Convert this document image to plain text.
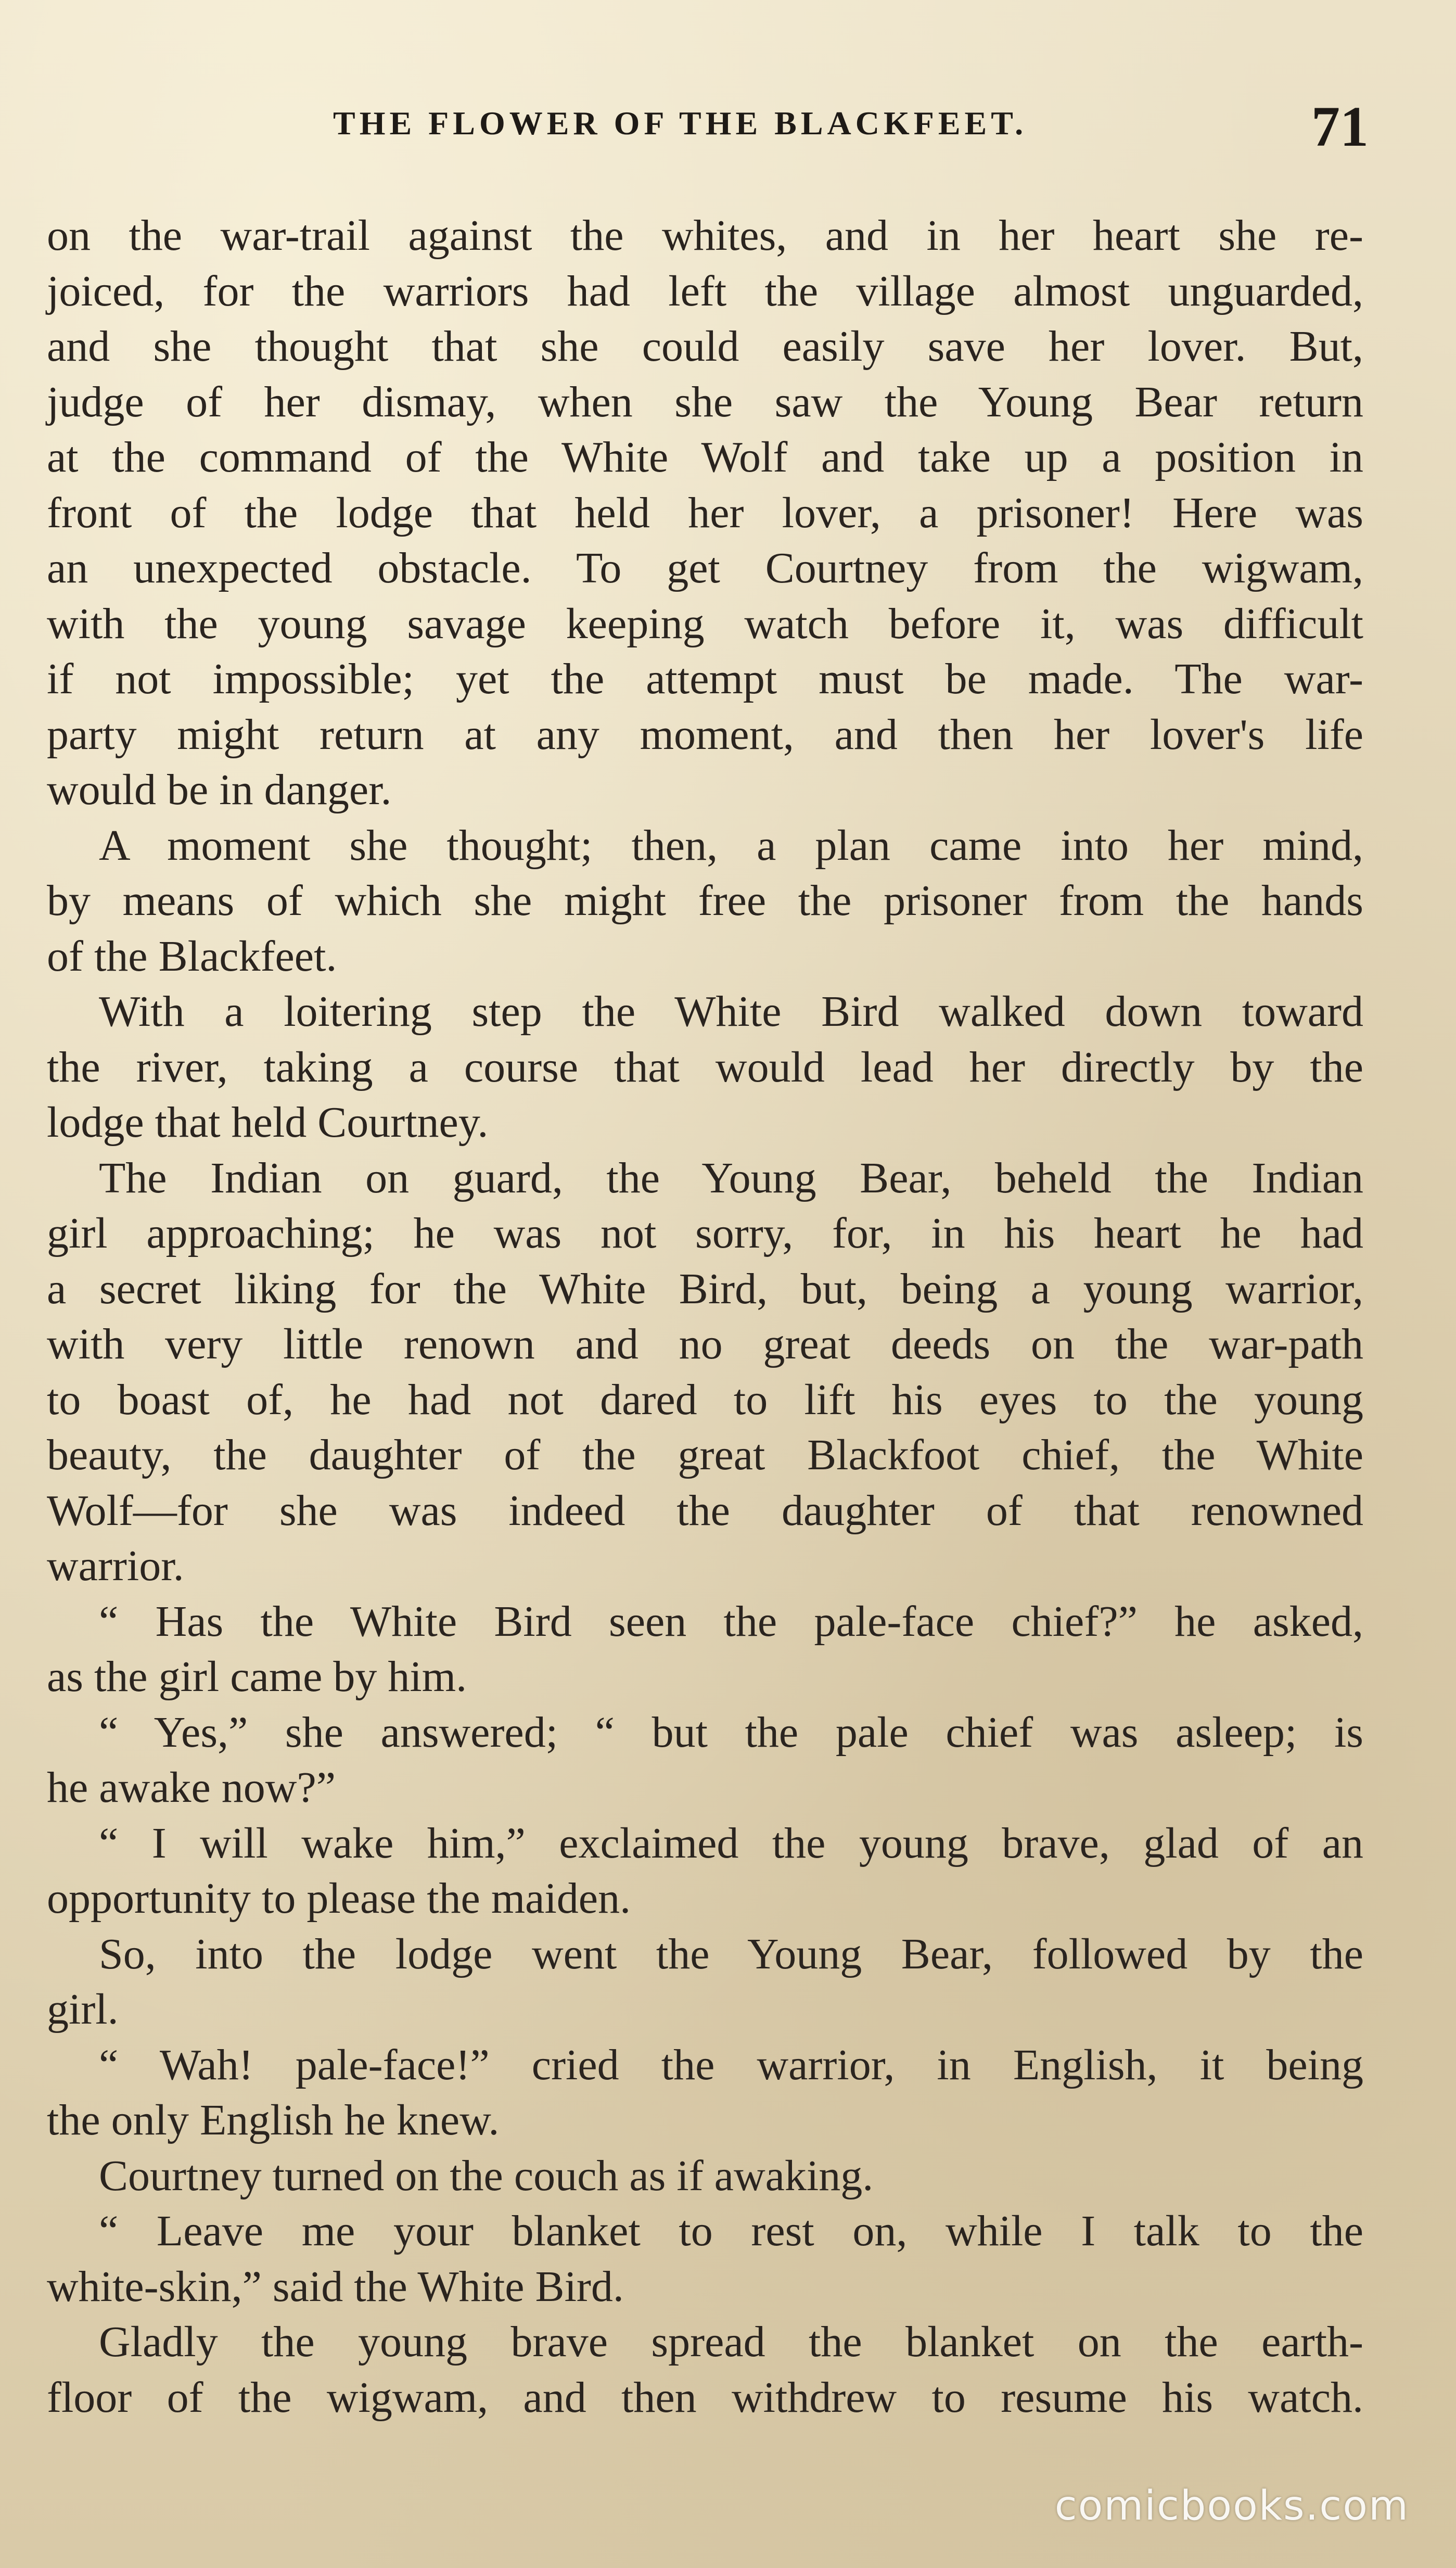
THE FLOWER OF THE BLACKFEET.	71
on the war-trail against the whites, and in her heart she re-
joiced, for the warriors had left the village almost unguarded,
and she thought that she could easily save her lover. But,
judge of her dismay, when she saw the Young Bear return
at the command of the White Wolf and take up a position in
front of the lodge that held her lover, a prisoner! Here was
an unexpected obstacle. To get Courtney from the wigwam,
with the young savage keeping watch before it, was difficult
if not impossible; yet the attempt must be made. The war-
party might return at any moment, and then her lover's life
would be in danger.
A moment she thought; then, a plan came into her mind,
by means of which she might free the prisoner from the hands
of the Blackfeet.
With a loitering step the White Bird walked down toward
the river, taking a course that would lead her directly by the
lodge that held Courtney.
The Indian on guard, the Young Bear, beheld the Indian
girl approaching; he was not sorry, for, in his heart he had
a secret liking for the White Bird, but, being a young warrior,
with very little renown and no great deeds on the war-path
to boast of, he had not dared to lift his eyes to the young
beauty, the daughter of the great Blackfoot chief, the White
Wolf—for she was indeed the daughter of that renowned
warrior.
“ Has the White Bird seen the pale-face chief?” he asked,
as the girl came by him.
“ Yes,” she answered; “ but the pale chief was asleep; is
he awake now?”
“ I will wake him,” exclaimed the young brave, glad of an
opportunity to please the maiden.
So, into the lodge went the Young Bear, followed by the
girl.
“ Wah! pale-face!” cried the warrior, in English, it being
the only English he knew.
Courtney turned on the couch as if awaking.
“ Leave me your blanket to rest on, while I talk to the
white-skin,” said the White Bird.
Gladly the young brave spread the blanket on the earth-
floor of the wigwam, and then withdrew to resume his watch.
comicbooks.com
